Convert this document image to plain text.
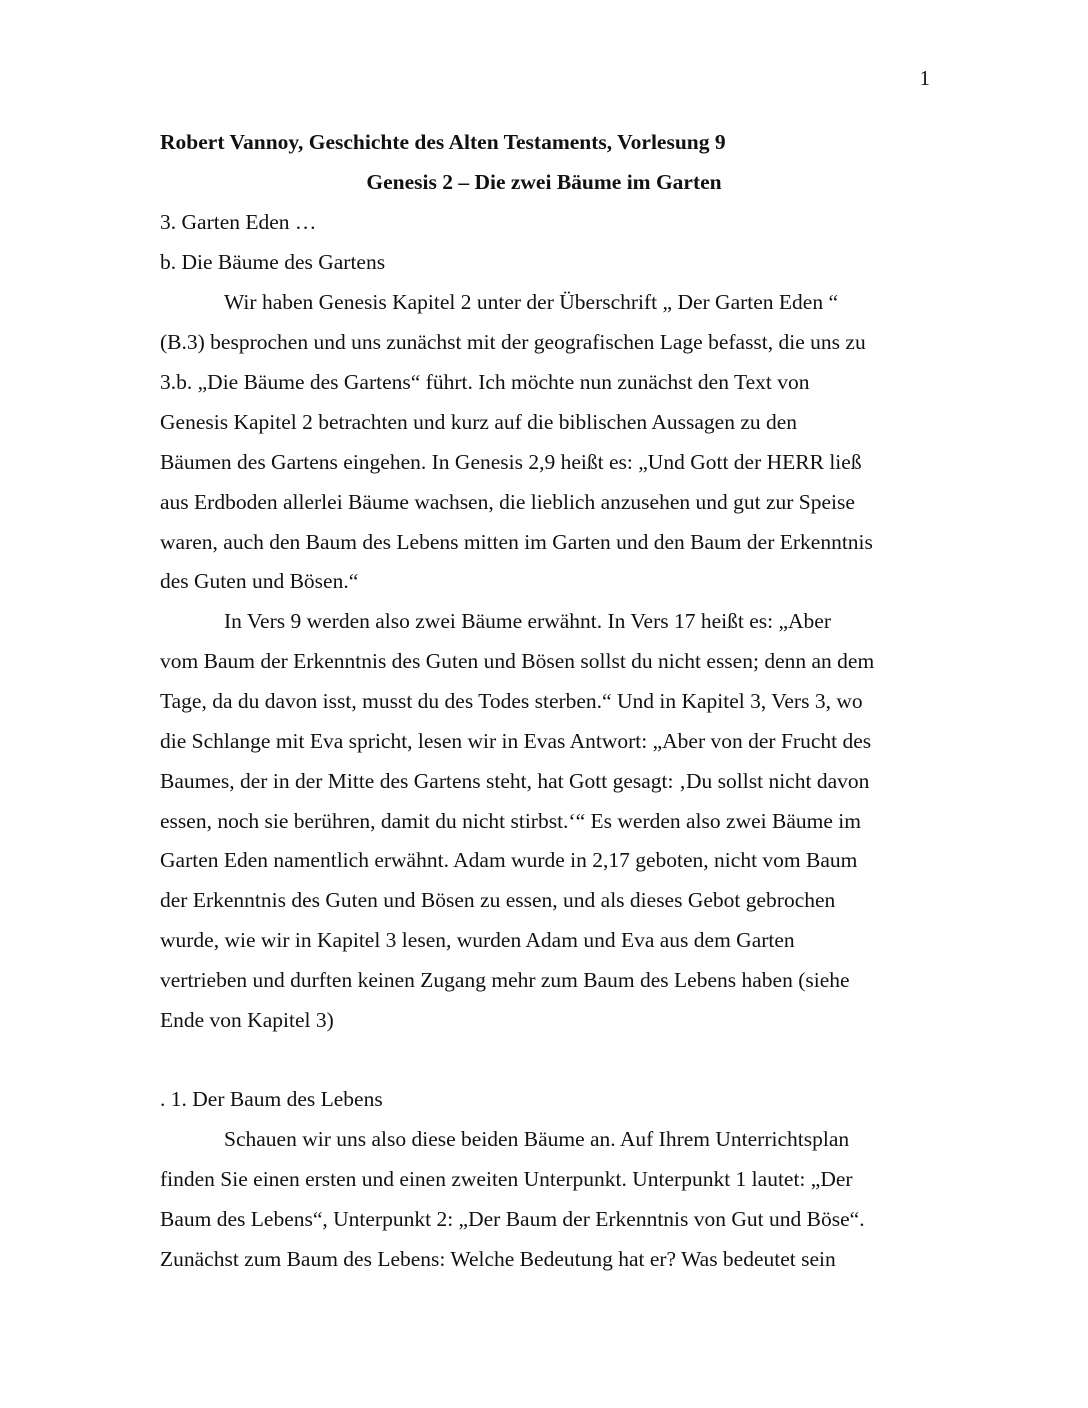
1
Robert Vannoy, Geschichte des Alten Testaments, Vorlesung 9
Genesis 2 – Die zwei Bäume im Garten
3. Garten Eden …
b. Die Bäume des Gartens
Wir haben Genesis Kapitel 2 unter der Überschrift „ Der Garten Eden “
(B.3) besprochen und uns zunächst mit der geografischen Lage befasst, die uns zu
3.b. „Die Bäume des Gartens“ führt. Ich möchte nun zunächst den Text von
Genesis Kapitel 2 betrachten und kurz auf die biblischen Aussagen zu den
Bäumen des Gartens eingehen. In Genesis 2,9 heißt es: „Und Gott der HERR ließ
aus Erdboden allerlei Bäume wachsen, die lieblich anzusehen und gut zur Speise
waren, auch den Baum des Lebens mitten im Garten und den Baum der Erkenntnis
des Guten und Bösen.“
In Vers 9 werden also zwei Bäume erwähnt. In Vers 17 heißt es: „Aber
vom Baum der Erkenntnis des Guten und Bösen sollst du nicht essen; denn an dem
Tage, da du davon isst, musst du des Todes sterben.“ Und in Kapitel 3, Vers 3, wo
die Schlange mit Eva spricht, lesen wir in Evas Antwort: „Aber von der Frucht des
Baumes, der in der Mitte des Gartens steht, hat Gott gesagt: ‚Du sollst nicht davon
essen, noch sie berühren, damit du nicht stirbst.‘“ Es werden also zwei Bäume im
Garten Eden namentlich erwähnt. Adam wurde in 2,17 geboten, nicht vom Baum
der Erkenntnis des Guten und Bösen zu essen, und als dieses Gebot gebrochen
wurde, wie wir in Kapitel 3 lesen, wurden Adam und Eva aus dem Garten
vertrieben und durften keinen Zugang mehr zum Baum des Lebens haben (siehe
Ende von Kapitel 3)
. 1. Der Baum des Lebens
Schauen wir uns also diese beiden Bäume an. Auf Ihrem Unterrichtsplan
finden Sie einen ersten und einen zweiten Unterpunkt. Unterpunkt 1 lautet: „Der
Baum des Lebens“, Unterpunkt 2: „Der Baum der Erkenntnis von Gut und Böse“.
Zunächst zum Baum des Lebens: Welche Bedeutung hat er? Was bedeutet sein
